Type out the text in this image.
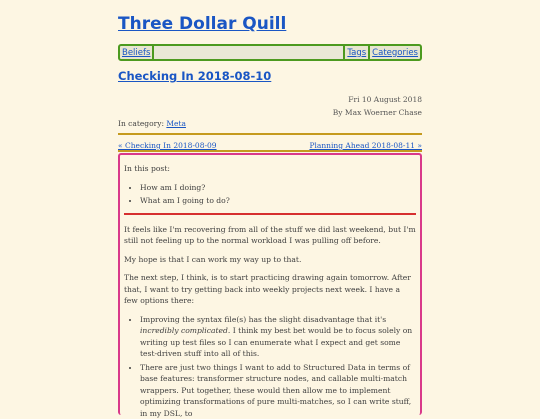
Three Dollar Quill
Beliefs	Tags Categories
Checking In 2018-08-10
Fri 10 August 2018
By Max Woerner Chase
In category: Meta
« Checking In 2018-08-09	Planning Ahead 2018-08-11 »

In this post:

• How am I doing?
• What am I going to do?

It feels like I'm recovering from all of the stuff we did last weekend, but I'm still not feeling up to the normal workload I was pulling off before.

My hope is that I can work my way up to that.

The next step, I think, is to start practicing drawing again tomorrow. After that, I want to try getting back into weekly projects next week. I have a few options there:

• Improving the syntax file(s) has the slight disadvantage that it's incredibly complicated. I think my best bet would be to focus solely on writing up test files so I can enumerate what I expect and get some test-driven stuff into all of this.
• There are just two things I want to add to Structured Data in terms of base features: transformer structure nodes, and callable multi-match wrappers. Put together, these would then allow me to implement optimizing transformations of pure multi-matches, so I can write stuff, in my DSL, to
